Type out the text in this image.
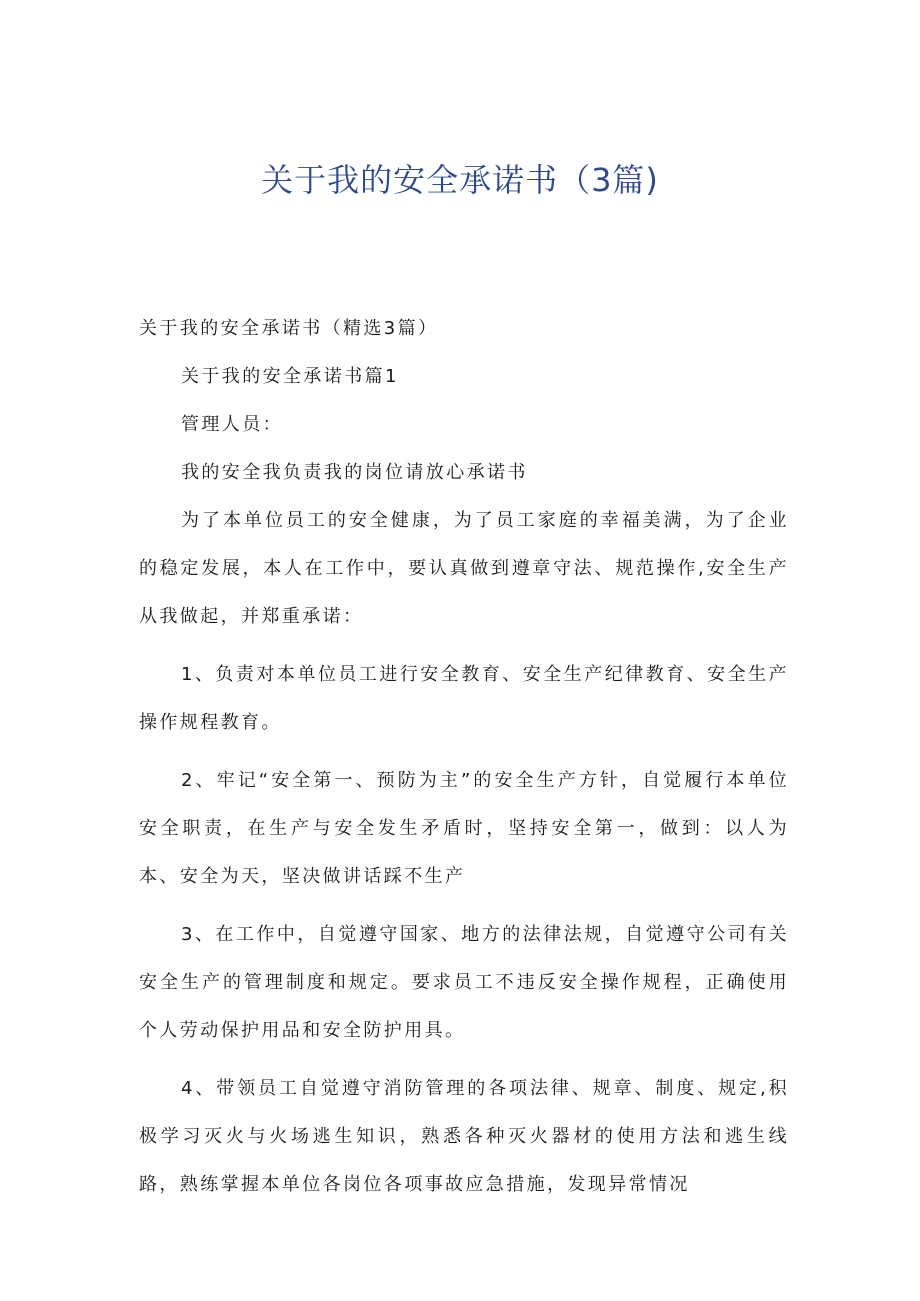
关于我的安全承诺书（3篇)
关于我的安全承诺书（精选3篇）
关于我的安全承诺书篇1
管理人员：
我的安全我负责我的岗位请放心承诺书

为了本单位员工的安全健康，为了员工家庭的幸福美满，为了企业的稳定发展，本人在工作中，要认真做到遵章守法、规范操作,安全生产从我做起，并郑重承诺：

1、负责对本单位员工进行安全教育、安全生产纪律教育、安全生产操作规程教育。

2、牢记“安全第一、预防为主”的安全生产方针，自觉履行本单位安全职责，在生产与安全发生矛盾时，坚持安全第一，做到：以人为本、安全为天，坚决做讲话踩不生产

3、在工作中，自觉遵守国家、地方的法律法规，自觉遵守公司有关安全生产的管理制度和规定。要求员工不违反安全操作规程，正确使用个人劳动保护用品和安全防护用具。

4、带领员工自觉遵守消防管理的各项法律、规章、制度、规定,积极学习灭火与火场逃生知识，熟悉各种灭火器材的使用方法和逃生线路，熟练掌握本单位各岗位各项事故应急措施，发现异常情况
